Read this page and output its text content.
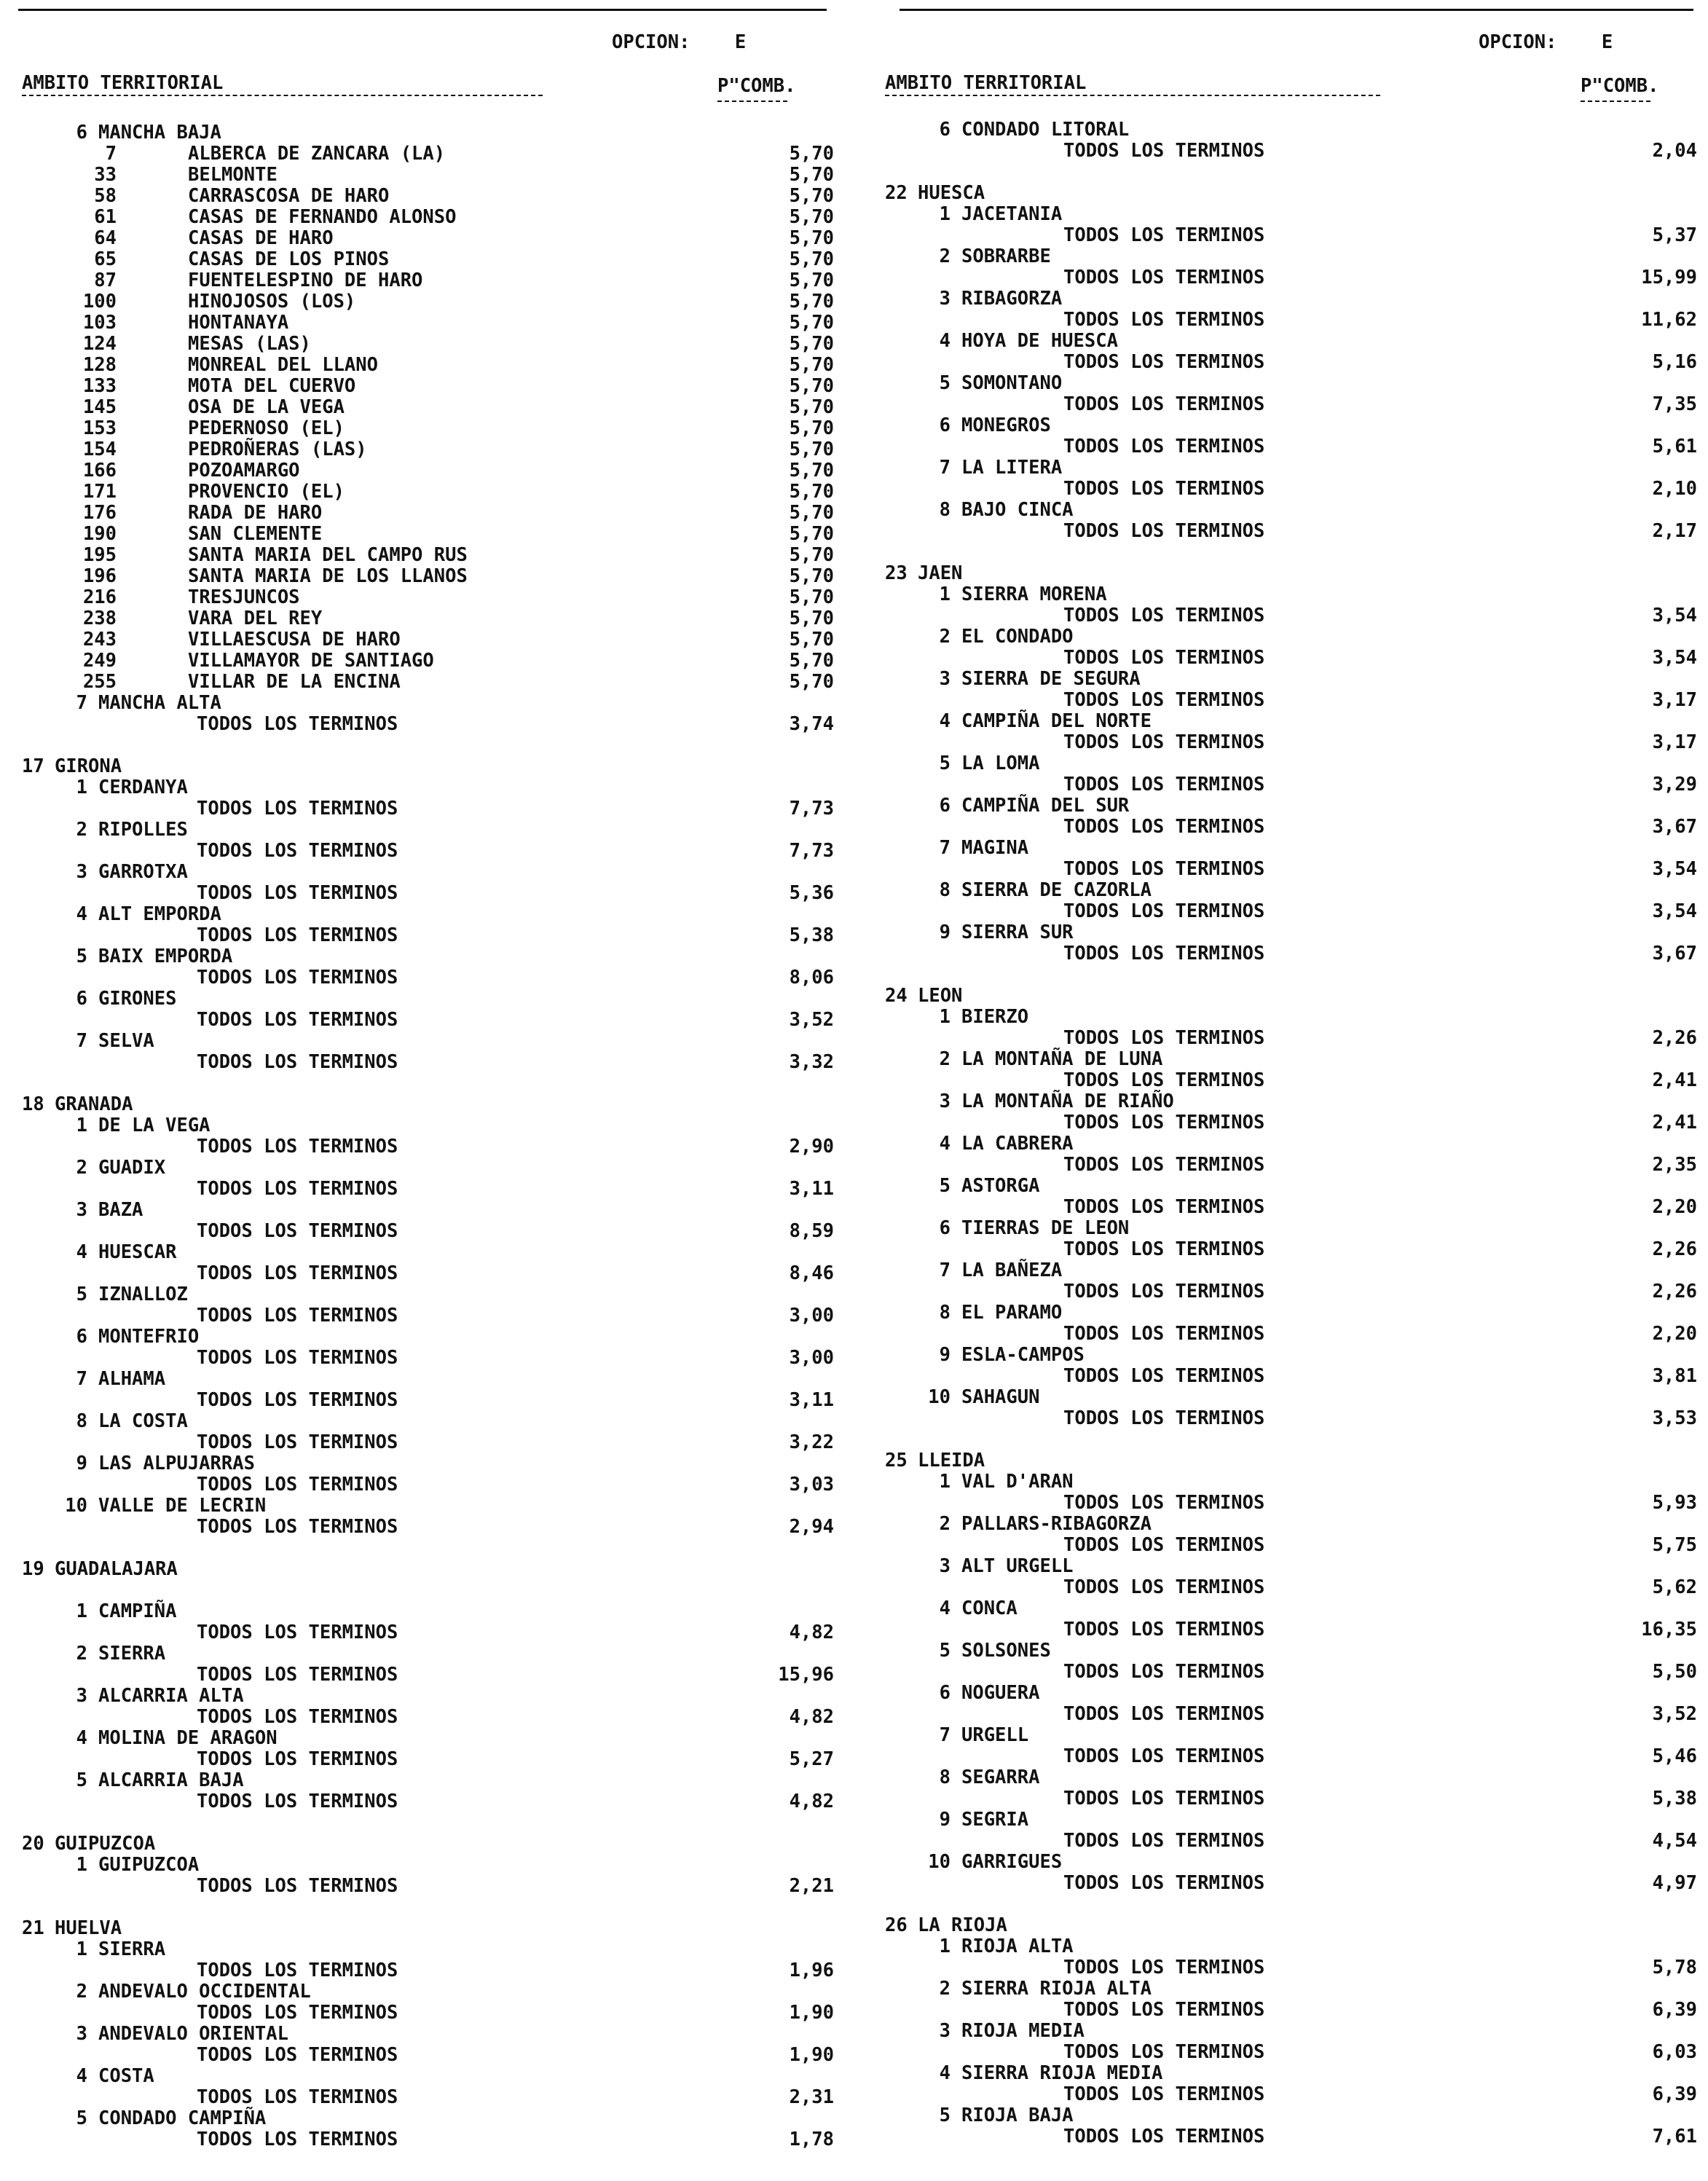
OPCION: E
AMBITO TERRITORIAL	P"COMB.
6 MANCHA BAJA
7	ALBERCA DE ZANCARA (LA)	5,70
33	BELMONTE	5,70
58	CARRASCOSA DE HARO	5,70
61	CASAS DE FERNANDO ALONSO	5,70
64	CASAS DE HARO	5,70
65	CASAS DE LOS PINOS	5,70
87	FUENTELESPINO DE HARO	5,70
100	HINOJOSOS (LOS)	5,70
103	HONTANAYA	5,70
124	MESAS (LAS)	5,70
128	MONREAL DEL LLANO	5,70
133	MOTA DEL CUERVO	5,70
145	OSA DE LA VEGA	5,70
153	PEDERNOSO (EL)	5,70
154	PEDROÑERAS (LAS)	5,70
166	POZOAMARGO	5,70
171	PROVENCIO (EL)	5,70
176	RADA DE HARO	5,70
190	SAN CLEMENTE	5,70
195	SANTA MARIA DEL CAMPO RUS	5,70
196	SANTA MARIA DE LOS LLANOS	5,70
216	TRESJUNCOS	5,70
238	VARA DEL REY	5,70
243	VILLAESCUSA DE HARO	5,70
249	VILLAMAYOR DE SANTIAGO	5,70
255	VILLAR DE LA ENCINA	5,70
7 MANCHA ALTA
TODOS LOS TERMINOS	3,74
17 GIRONA
1 CERDANYA
TODOS LOS TERMINOS	7,73
2 RIPOLLES
TODOS LOS TERMINOS	7,73
3 GARROTXA
TODOS LOS TERMINOS	5,36
4 ALT EMPORDA
TODOS LOS TERMINOS	5,38
5 BAIX EMPORDA
TODOS LOS TERMINOS	8,06
6 GIRONES
TODOS LOS TERMINOS	3,52
7 SELVA
TODOS LOS TERMINOS	3,32
18 GRANADA
1 DE LA VEGA
TODOS LOS TERMINOS	2,90
2 GUADIX
TODOS LOS TERMINOS	3,11
3 BAZA
TODOS LOS TERMINOS	8,59
4 HUESCAR
TODOS LOS TERMINOS	8,46
5 IZNALLOZ
TODOS LOS TERMINOS	3,00
6 MONTEFRIO
TODOS LOS TERMINOS	3,00
7 ALHAMA
TODOS LOS TERMINOS	3,11
8 LA COSTA
TODOS LOS TERMINOS	3,22
9 LAS ALPUJARRAS
TODOS LOS TERMINOS	3,03
10 VALLE DE LECRIN
TODOS LOS TERMINOS	2,94
19 GUADALAJARA
1 CAMPIÑA
TODOS LOS TERMINOS	4,82
2 SIERRA
TODOS LOS TERMINOS	15,96
3 ALCARRIA ALTA
TODOS LOS TERMINOS	4,82
4 MOLINA DE ARAGON
TODOS LOS TERMINOS	5,27
5 ALCARRIA BAJA
TODOS LOS TERMINOS	4,82
20 GUIPUZCOA
1 GUIPUZCOA
TODOS LOS TERMINOS	2,21
21 HUELVA
1 SIERRA
TODOS LOS TERMINOS	1,96
2 ANDEVALO OCCIDENTAL
TODOS LOS TERMINOS	1,90
3 ANDEVALO ORIENTAL
TODOS LOS TERMINOS	1,90
4 COSTA
TODOS LOS TERMINOS	2,31
5 CONDADO CAMPIÑA
TODOS LOS TERMINOS	1,78
OPCION: E
AMBITO TERRITORIAL	P"COMB.
6 CONDADO LITORAL
TODOS LOS TERMINOS	2,04
22 HUESCA
1 JACETANIA
TODOS LOS TERMINOS	5,37
2 SOBRARBE
TODOS LOS TERMINOS	15,99
3 RIBAGORZA
TODOS LOS TERMINOS	11,62
4 HOYA DE HUESCA
TODOS LOS TERMINOS	5,16
5 SOMONTANO
TODOS LOS TERMINOS	7,35
6 MONEGROS
TODOS LOS TERMINOS	5,61
7 LA LITERA
TODOS LOS TERMINOS	2,10
8 BAJO CINCA
TODOS LOS TERMINOS	2,17
23 JAEN
1 SIERRA MORENA
TODOS LOS TERMINOS	3,54
2 EL CONDADO
TODOS LOS TERMINOS	3,54
3 SIERRA DE SEGURA
TODOS LOS TERMINOS	3,17
4 CAMPIÑA DEL NORTE
TODOS LOS TERMINOS	3,17
5 LA LOMA
TODOS LOS TERMINOS	3,29
6 CAMPIÑA DEL SUR
TODOS LOS TERMINOS	3,67
7 MAGINA
TODOS LOS TERMINOS	3,54
8 SIERRA DE CAZORLA
TODOS LOS TERMINOS	3,54
9 SIERRA SUR
TODOS LOS TERMINOS	3,67
24 LEON
1 BIERZO
TODOS LOS TERMINOS	2,26
2 LA MONTAÑA DE LUNA
TODOS LOS TERMINOS	2,41
3 LA MONTAÑA DE RIAÑO
TODOS LOS TERMINOS	2,41
4 LA CABRERA
TODOS LOS TERMINOS	2,35
5 ASTORGA
TODOS LOS TERMINOS	2,20
6 TIERRAS DE LEON
TODOS LOS TERMINOS	2,26
7 LA BAÑEZA
TODOS LOS TERMINOS	2,26
8 EL PARAMO
TODOS LOS TERMINOS	2,20
9 ESLA-CAMPOS
TODOS LOS TERMINOS	3,81
10 SAHAGUN
TODOS LOS TERMINOS	3,53
25 LLEIDA
1 VAL D'ARAN
TODOS LOS TERMINOS	5,93
2 PALLARS-RIBAGORZA
TODOS LOS TERMINOS	5,75
3 ALT URGELL
TODOS LOS TERMINOS	5,62
4 CONCA
TODOS LOS TERMINOS	16,35
5 SOLSONES
TODOS LOS TERMINOS	5,50
6 NOGUERA
TODOS LOS TERMINOS	3,52
7 URGELL
TODOS LOS TERMINOS	5,46
8 SEGARRA
TODOS LOS TERMINOS	5,38
9 SEGRIA
TODOS LOS TERMINOS	4,54
10 GARRIGUES
TODOS LOS TERMINOS	4,97
26 LA RIOJA
1 RIOJA ALTA
TODOS LOS TERMINOS	5,78
2 SIERRA RIOJA ALTA
TODOS LOS TERMINOS	6,39
3 RIOJA MEDIA
TODOS LOS TERMINOS	6,03
4 SIERRA RIOJA MEDIA
TODOS LOS TERMINOS	6,39
5 RIOJA BAJA
TODOS LOS TERMINOS	7,61
